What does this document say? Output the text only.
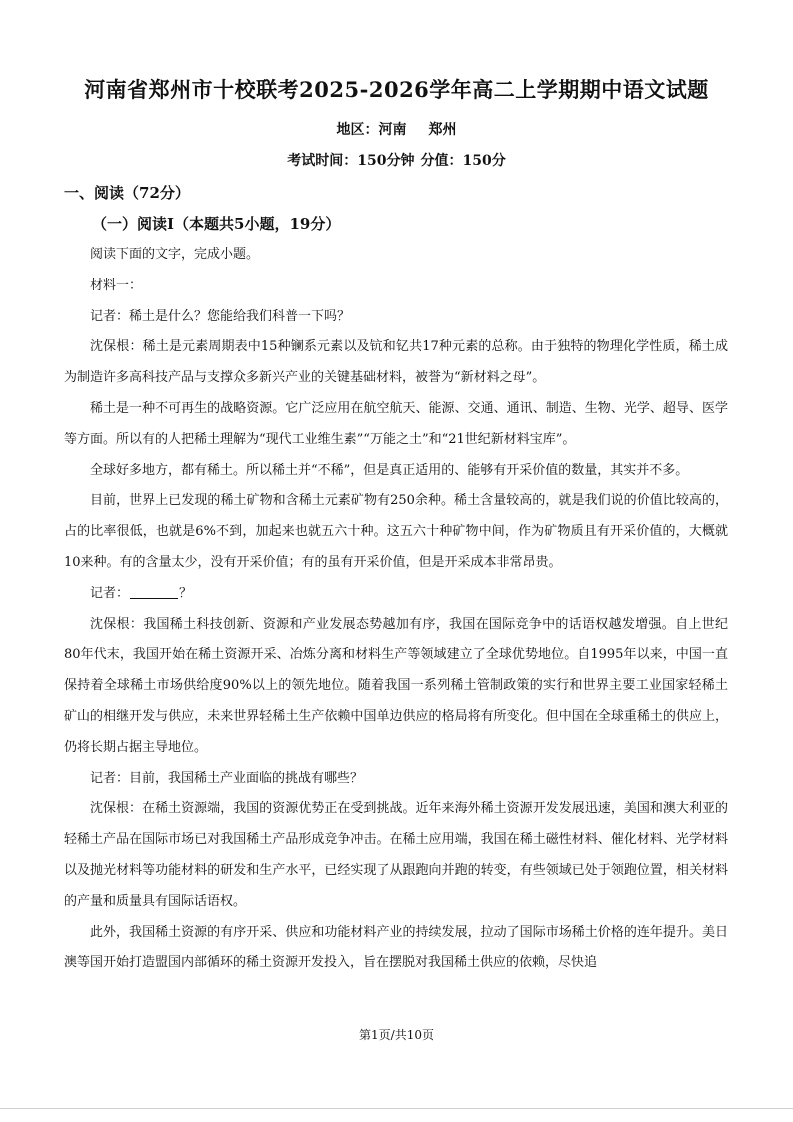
河南省郑州市十校联考2025-2026学年高二上学期期中语文试题
地区：河南 郑州
考试时间：150分钟 分值：150分
一、阅读（72分）
（一）阅读Ⅰ（本题共5小题，19分）

阅读下面的文字，完成小题。

材料一：

记者：稀土是什么？您能给我们科普一下吗？

沈保根：稀土是元素周期表中15种镧系元素以及钪和钇共17种元素的总称。由于独特的物理化学性质，稀土成为制造许多高科技产品与支撑众多新兴产业的关键基础材料，被誉为“新材料之母”。

稀土是一种不可再生的战略资源。它广泛应用在航空航天、能源、交通、通讯、制造、生物、光学、超导、医学等方面。所以有的人把稀土理解为“现代工业维生素”“万能之土”和“21世纪新材料宝库”。

全球好多地方，都有稀土。所以稀土并“不稀”，但是真正适用的、能够有开采价值的数量，其实并不多。

目前，世界上已发现的稀土矿物和含稀土元素矿物有250余种。稀土含量较高的，就是我们说的价值比较高的，占的比率很低，也就是6%不到，加起来也就五六十种。这五六十种矿物中间，作为矿物质且有开采价值的，大概就10来种。有的含量太少，没有开采价值；有的虽有开采价值，但是开采成本非常昂贵。

记者：	？

沈保根：我国稀土科技创新、资源和产业发展态势越加有序，我国在国际竞争中的话语权越发增强。自上世纪80年代末，我国开始在稀土资源开采、冶炼分离和材料生产等领域建立了全球优势地位。自1995年以来，中国一直保持着全球稀土市场供给度90%以上的领先地位。随着我国一系列稀土管制政策的实行和世界主要工业国家轻稀土矿山的相继开发与供应，未来世界轻稀土生产依赖中国单边供应的格局将有所变化。但中国在全球重稀土的供应上，仍将长期占据主导地位。

记者：目前，我国稀土产业面临的挑战有哪些？

沈保根：在稀土资源端，我国的资源优势正在受到挑战。近年来海外稀土资源开发发展迅速，美国和澳大利亚的轻稀土产品在国际市场已对我国稀土产品形成竞争冲击。在稀土应用端，我国在稀土磁性材料、催化材料、光学材料以及抛光材料等功能材料的研发和生产水平，已经实现了从跟跑向并跑的转变，有些领域已处于领跑位置，相关材料的产量和质量具有国际话语权。

此外，我国稀土资源的有序开采、供应和功能材料产业的持续发展，拉动了国际市场稀土价格的连年提升。美日澳等国开始打造盟国内部循环的稀土资源开发投入，旨在摆脱对我国稀土供应的依赖，尽快追

第1页/共10页
